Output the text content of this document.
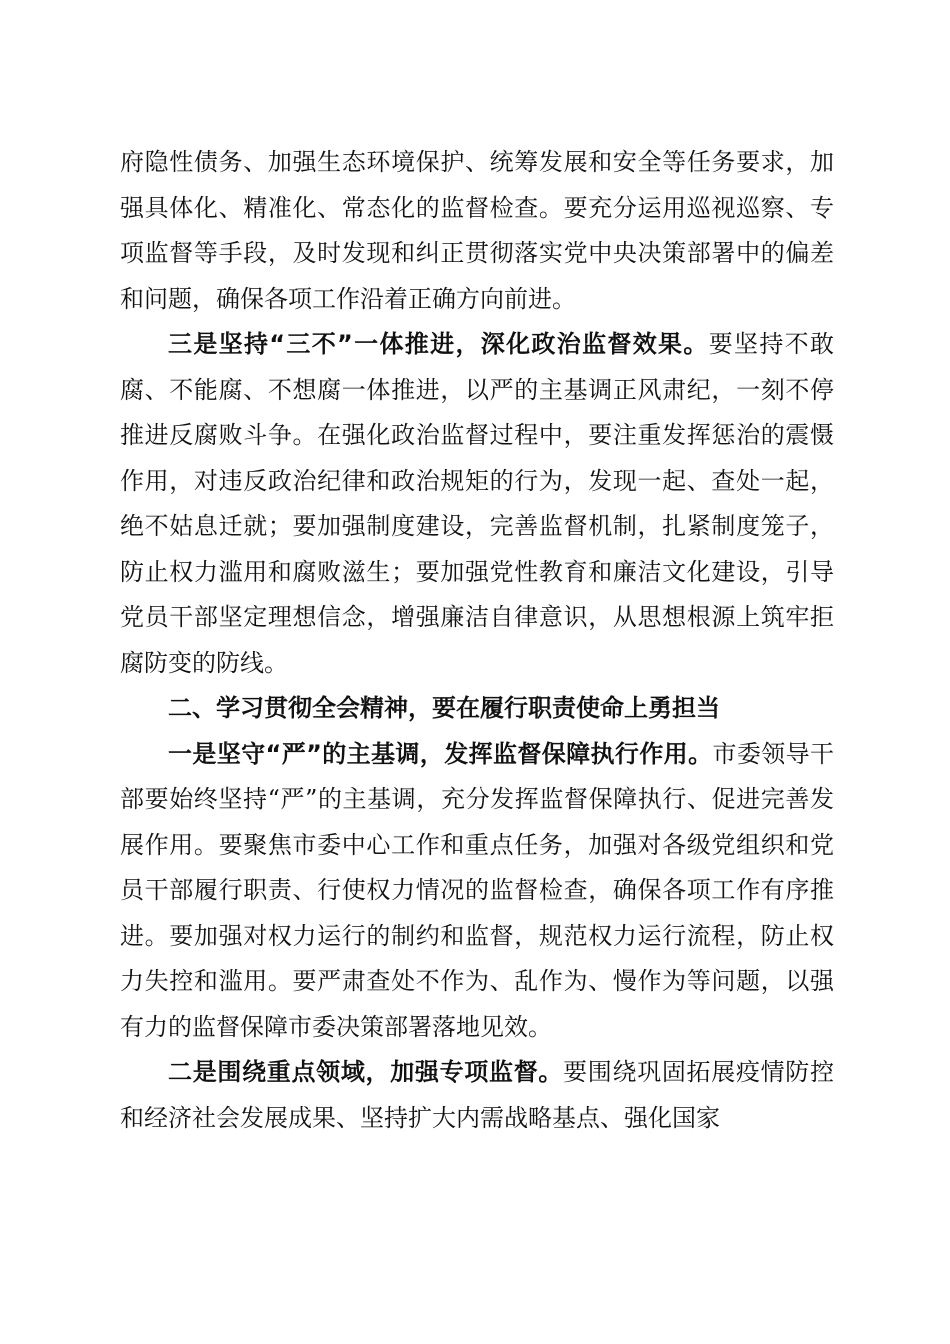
府隐性债务、加强生态环境保护、统筹发展和安全等任务要求，加强具体化、精准化、常态化的监督检查。要充分运用巡视巡察、专项监督等手段，及时发现和纠正贯彻落实党中央决策部署中的偏差和问题，确保各项工作沿着正确方向前进。

三是坚持“三不”一体推进，深化政治监督效果。要坚持不敢腐、不能腐、不想腐一体推进，以严的主基调正风肃纪，一刻不停推进反腐败斗争。在强化政治监督过程中，要注重发挥惩治的震慑作用，对违反政治纪律和政治规矩的行为，发现一起、查处一起，绝不姑息迁就；要加强制度建设，完善监督机制，扎紧制度笼子，防止权力滥用和腐败滋生；要加强党性教育和廉洁文化建设，引导党员干部坚定理想信念，增强廉洁自律意识，从思想根源上筑牢拒腐防变的防线。

二、学习贯彻全会精神，要在履行职责使命上勇担当

一是坚守“严”的主基调，发挥监督保障执行作用。市委领导干部要始终坚持“严”的主基调，充分发挥监督保障执行、促进完善发展作用。要聚焦市委中心工作和重点任务，加强对各级党组织和党员干部履行职责、行使权力情况的监督检查，确保各项工作有序推进。要加强对权力运行的制约和监督，规范权力运行流程，防止权力失控和滥用。要严肃查处不作为、乱作为、慢作为等问题，以强有力的监督保障市委决策部署落地见效。

二是围绕重点领域，加强专项监督。要围绕巩固拓展疫情防控和经济社会发展成果、坚持扩大内需战略基点、强化国家
